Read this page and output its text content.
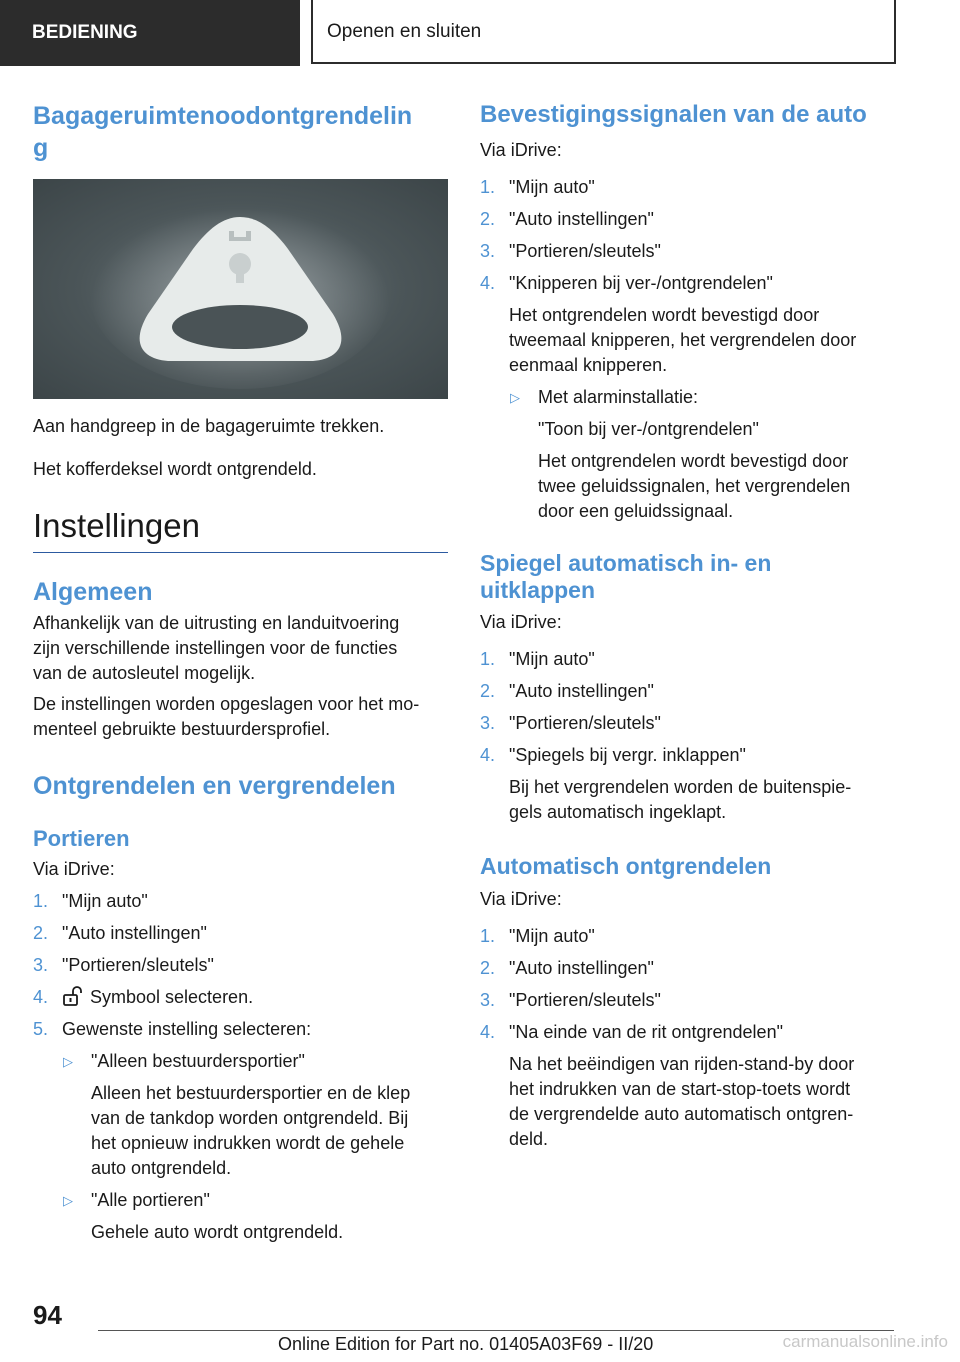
BEDIENING	Openen en sluiten
Bagageruimtenoodontgrendelin
g

Aan handgreep in de bagageruimte trekken.

Het kofferdeksel wordt ontgrendeld.

Instellingen
Algemeen

Afhankelijk van de uitrusting en landuitvoering
zijn verschillende instellingen voor de functies
van de autosleutel mogelijk.

De instellingen worden opgeslagen voor het mo-
menteel gebruikte bestuurdersprofiel.

Ontgrendelen en vergrendelen
Portieren

Via iDrive:

1. "Mijn auto"
2. "Auto instellingen"
3. "Portieren/sleutels"
4. Symbool selecteren.
5. Gewenste instelling selecteren:
▷ "Alleen bestuurdersportier"
Alleen het bestuurdersportier en de klep
van de tankdop worden ontgrendeld. Bij
het opnieuw indrukken wordt de gehele
auto ontgrendeld.
▷ "Alle portieren"
Gehele auto wordt ontgrendeld.
Bevestigingssignalen van de auto

Via iDrive:

1. "Mijn auto"
2. "Auto instellingen"
3. "Portieren/sleutels"
4. "Knipperen bij ver-/ontgrendelen"
Het ontgrendelen wordt bevestigd door
tweemaal knipperen, het vergrendelen door
eenmaal knipperen.
▷ Met alarminstallatie:
"Toon bij ver-/ontgrendelen"
Het ontgrendelen wordt bevestigd door
twee geluidssignalen, het vergrendelen
door een geluidssignaal.
Spiegel automatisch in- en
uitklappen

Via iDrive:

1. "Mijn auto"
2. "Auto instellingen"
3. "Portieren/sleutels"
4. "Spiegels bij vergr. inklappen"
Bij het vergrendelen worden de buitenspie-
gels automatisch ingeklapt.
Automatisch ontgrendelen

Via iDrive:

1. "Mijn auto"
2. "Auto instellingen"
3. "Portieren/sleutels"
4. "Na einde van de rit ontgrendelen"
Na het beëindigen van rijden-stand-by door
het indrukken van de start-stop-toets wordt
de vergrendelde auto automatisch ontgren-
deld.
94
Online Edition for Part no. 01405A03F69 - II/20	carmanualsonline.info
